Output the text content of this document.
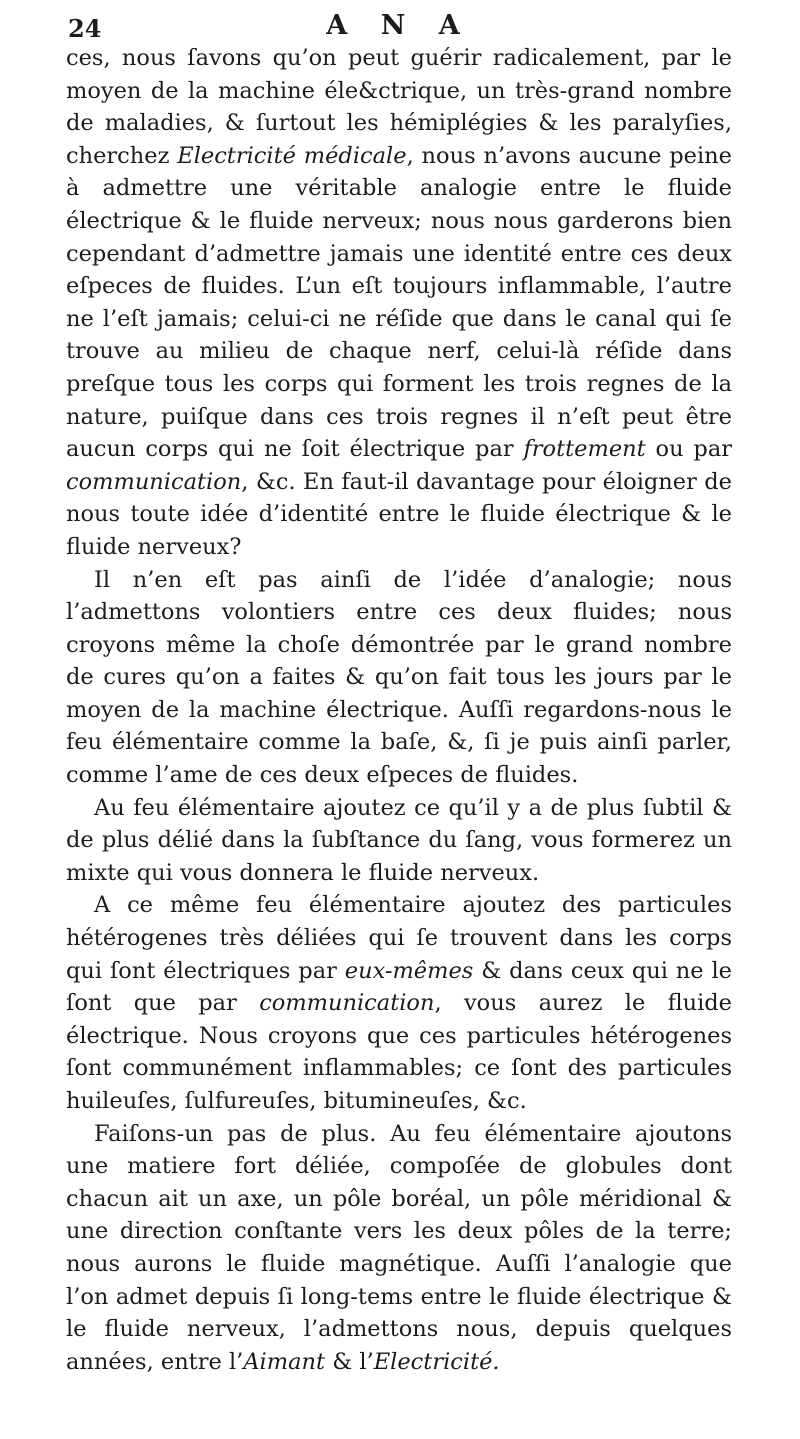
24	A N A

ces, nous ſavons qu’on peut guérir radicalement, par le moyen de la machine éle&ctrique, un très-grand nombre de maladies, & ſurtout les hémiplégies & les paralyſies, cherchez Electricité médicale, nous n’avons aucune peine à admettre une véritable analogie entre le fluide électrique & le fluide nerveux; nous nous garderons bien cependant d’admettre jamais une identité entre ces deux eſpeces de fluides. L’un eſt toujours inflammable, l’autre ne l’eſt jamais; celui-ci ne réſide que dans le canal qui ſe trouve au milieu de chaque nerf, celui-là réſide dans preſque tous les corps qui forment les trois regnes de la nature, puiſque dans ces trois regnes il n’eſt peut être aucun corps qui ne ſoit électrique par frottement ou par communication, &c. En faut-il davantage pour éloigner de nous toute idée d’identité entre le fluide électrique & le fluide nerveux?

Il n’en eſt pas ainſi de l’idée d’analogie; nous l’admettons volontiers entre ces deux fluides; nous croyons même la choſe démontrée par le grand nombre de cures qu’on a faites & qu’on fait tous les jours par le moyen de la machine électrique. Auſſi regardons-nous le feu élémentaire comme la baſe, &, ſi je puis ainſi parler, comme l’ame de ces deux eſpeces de fluides.

Au feu élémentaire ajoutez ce qu’il y a de plus ſubtil & de plus délié dans la ſubſtance du ſang, vous formerez un mixte qui vous donnera le fluide nerveux.

A ce même feu élémentaire ajoutez des particules hétérogenes très déliées qui ſe trouvent dans les corps qui ſont électriques par eux-mêmes & dans ceux qui ne le ſont que par communication, vous aurez le fluide électrique. Nous croyons que ces particules hétérogenes ſont communément inflammables; ce ſont des particules huileuſes, ſulfureuſes, bitumineuſes, &c.

Faiſons-un pas de plus. Au feu élémentaire ajoutons une matiere fort déliée, compoſée de globules dont chacun ait un axe, un pôle boréal, un pôle méridional & une direction conſtante vers les deux pôles de la terre; nous aurons le fluide magnétique. Auſſi l’analogie que l’on admet depuis ſi long-tems entre le fluide électrique & le fluide nerveux, l’admettons nous, depuis quelques années, entre l’Aimant & l’Electricité.
